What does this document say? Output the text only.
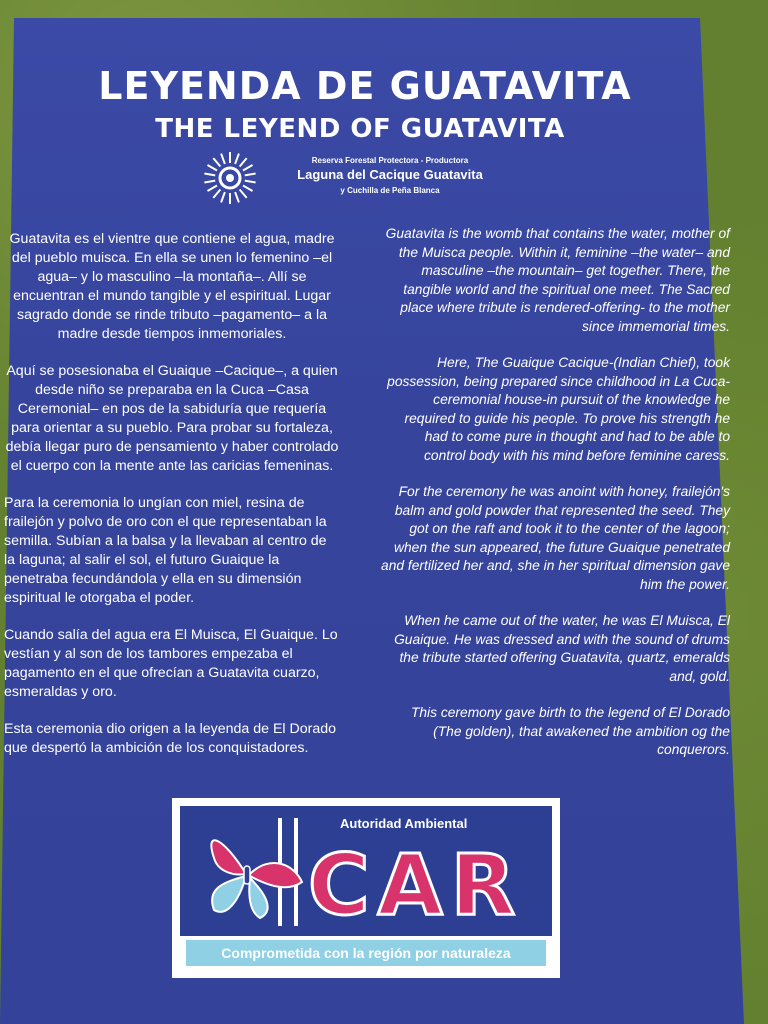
LEYENDA DE GUATAVITA
THE LEYEND OF GUATAVITA
Reserva Forestal Protectora - Productora
Laguna del Cacique Guatavita
y Cuchilla de Peña Blanca

Guatavita es el vientre que contiene el agua, madre del pueblo muisca. En ella se unen lo femenino –el agua– y lo masculino –la montaña–. Allí se encuentran el mundo tangible y el espiritual. Lugar sagrado donde se rinde tributo –pagamento– a la madre desde tiempos inmemoriales.

Aquí se posesionaba el Guaique –Cacique–, a quien desde niño se preparaba en la Cuca –Casa Ceremonial– en pos de la sabiduría que requería para orientar a su pueblo. Para probar su fortaleza, debía llegar puro de pensamiento y haber controlado el cuerpo con la mente ante las caricias femeninas.

Para la ceremonia lo ungían con miel, resina de frailejón y polvo de oro con el que representaban la semilla. Subían a la balsa y la llevaban al centro de la laguna; al salir el sol, el futuro Guaique la penetraba fecundándola y ella en su dimensión espiritual le otorgaba el poder.

Cuando salía del agua era El Muisca, El Guaique. Lo vestían y al son de los tambores empezaba el pagamento en el que ofrecían a Guatavita cuarzo, esmeraldas y oro.

Esta ceremonia dio origen a la leyenda de El Dorado que despertó la ambición de los conquistadores.

Guatavita is the womb that contains the water, mother of the Muisca people. Within it, feminine –the water– and masculine –the mountain– get together. There, the tangible world and the spiritual one meet. The Sacred place where tribute is rendered-offering- to the mother since immemorial times.

Here, The Guaique Cacique-(Indian Chief), took possession, being prepared since childhood in La Cuca-ceremonial house-in pursuit of the knowledge he required to guide his people. To prove his strength he had to come pure in thought and had to be able to control body with his mind before feminine caress.

For the ceremony he was anoint with honey, frailejón's balm and gold powder that represented the seed. They got on the raft and took it to the center of the lagoon; when the sun appeared, the future Guaique penetrated and fertilized her and, she in her spiritual dimension gave him the power.

When he came out of the water, he was El Muisca, El Guaique. He was dressed and with the sound of drums the tribute started offering Guatavita, quartz, emeralds and, gold.

This ceremony gave birth to the legend of El Dorado (The golden), that awakened the ambition og the conquerors.

Autoridad Ambiental
CAR
Comprometida con la región por naturaleza
